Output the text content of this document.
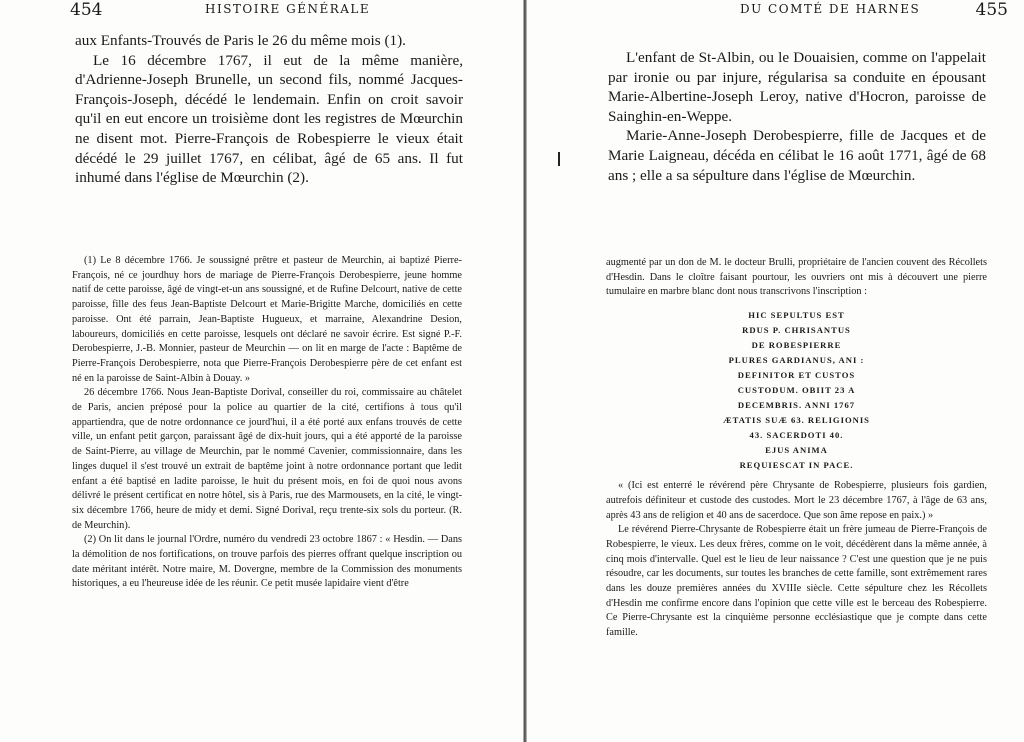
454	HISTOIRE GÉNÉRALE

aux Enfants-Trouvés de Paris le 26 du même mois (1).

Le 16 décembre 1767, il eut de la même manière, d'Adrienne-Joseph Brunelle, un second fils, nommé Jacques-François-Joseph, décédé le lendemain. Enfin on croit savoir qu'il en eut encore un troisième dont les registres de Mœurchin ne disent mot. Pierre-François de Robespierre le vieux était décédé le 29 juillet 1767, en célibat, âgé de 65 ans. Il fut inhumé dans l'église de Mœurchin (2).

(1) Le 8 décembre 1766. Je soussigné prêtre et pasteur de Meurchin, ai baptizé Pierre-François, né ce jourdhuy hors de mariage de Pierre-François Derobespierre, jeune homme natif de cette paroisse, âgé de vingt-et-un ans soussigné, et de Rufine Delcourt, native de cette paroisse, fille des feus Jean-Baptiste Delcourt et Marie-Brigitte Marche, domiciliés en cette paroisse. Ont été parrain, Jean-Baptiste Hugueux, et marraine, Alexandrine Desion, laboureurs, domiciliés en cette paroisse, lesquels ont déclaré ne savoir écrire. Est signé P.-F. Derobespierre, J.-B. Monnier, pasteur de Meurchin — on lit en marge de l'acte : Baptême de Pierre-François Derobespierre, nota que Pierre-François Derobespierre père de cet enfant est né en la paroisse de Saint-Albin à Douay. »

26 décembre 1766. Nous Jean-Baptiste Dorival, conseiller du roi, commissaire au châtelet de Paris, ancien préposé pour la police au quartier de la cité, certifions à tous qu'il appartiendra, que de notre ordonnance ce jourd'hui, il a été porté aux enfans trouvés de cette ville, un enfant petit garçon, paraissant âgé de dix-huit jours, qui a été apporté de la paroisse de Saint-Pierre, au village de Meurchin, par le nommé Cavenier, commissionnaire, dans les linges duquel il s'est trouvé un extrait de baptême joint à notre ordonnance portant que ledit enfant a été baptisé en ladite paroisse, le huit du présent mois, en foi de quoi nous avons délivré le présent certificat en notre hôtel, sis à Paris, rue des Marmousets, en la cité, le vingt-six décembre 1766, heure de midy et demi. Signé Dorival, reçu trente-six sols du porteur. (R. de Meurchin).

(2) On lit dans le journal l'Ordre, numéro du vendredi 23 octobre 1867 : « Hesdin. — Dans la démolition de nos fortifications, on trouve parfois des pierres offrant quelque inscription ou date méritant intérêt. Notre maire, M. Dovergne, membre de la Commission des monuments historiques, a eu l'heureuse idée de les réunir. Ce petit musée lapidaire vient d'être

DU COMTÉ DE HARNES	455

L'enfant de St-Albin, ou le Douaisien, comme on l'appelait par ironie ou par injure, régularisa sa conduite en épousant Marie-Albertine-Joseph Leroy, native d'Hocron, paroisse de Sainghin-en-Weppe.

Marie-Anne-Joseph Derobespierre, fille de Jacques et de Marie Laigneau, décéda en célibat le 16 août 1771, âgé de 68 ans ; elle a sa sépulture dans l'église de Mœurchin.

augmenté par un don de M. le docteur Brulli, propriétaire de l'ancien couvent des Récollets d'Hesdin. Dans le cloître faisant pourtour, les ouvriers ont mis à découvert une pierre tumulaire en marbre blanc dont nous transcrivons l'inscription :

HIC SEPULTUS EST
RDUS P. CHRISANTUS
DE ROBESPIERRE
PLURES GARDIANUS, ANI :
DEFINITOR ET CUSTOS
CUSTODUM. OBIIT 23 A
DECEMBRIS. ANNI 1767
ÆTATIS SUÆ 63. RELIGIONIS
43. SACERDOTI 40.
EJUS ANIMA
REQUIESCAT IN PACE.

« (Ici est enterré le révérend père Chrysante de Robespierre, plusieurs fois gardien, autrefois définiteur et custode des custodes. Mort le 23 décembre 1767, à l'âge de 63 ans, après 43 ans de religion et 40 ans de sacerdoce. Que son âme repose en paix.) »

Le révérend Pierre-Chrysante de Robespierre était un frère jumeau de Pierre-François de Robespierre, le vieux. Les deux frères, comme on le voit, décédèrent dans la même année, à cinq mois d'intervalle. Quel est le lieu de leur naissance ? C'est une question que je ne puis résoudre, car les documents, sur toutes les branches de cette famille, sont extrêmement rares dans les douze premières années du XVIIIe siècle. Cette sépulture chez les Récollets d'Hesdin me confirme encore dans l'opinion que cette ville est le berceau des Robespierre. Ce Pierre-Chrysante est la cinquième personne ecclésiastique que je compte dans cette famille.
